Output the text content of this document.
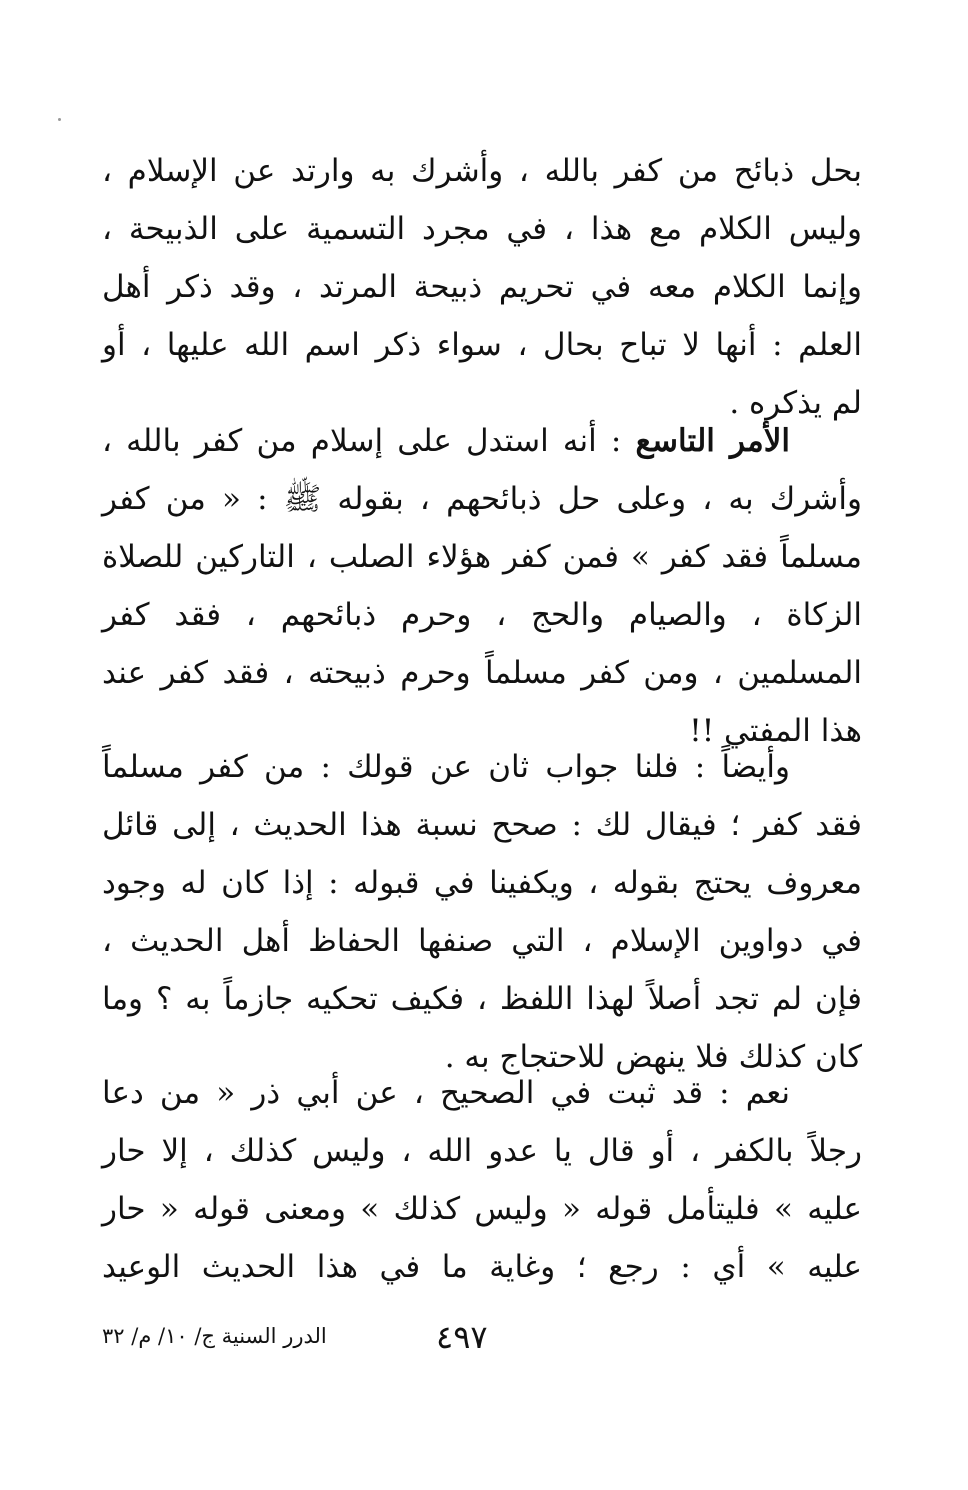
بحل ذبائح من كفر بالله ، وأشرك به وارتد عن الإسلام ،
وليس الكلام مع هذا ، في مجرد التسمية على الذبيحة ،
وإنما الكلام معه في تحريم ذبيحة المرتد ، وقد ذكر أهل
العلم : أنها لا تباح بحال ، سواء ذكر اسم الله عليها ، أو
لم يذكره .
الأمر التاسع : أنه استدل على إسلام من كفر بالله ،
وأشرك به ، وعلى حل ذبائحهم ، بقوله ﷺ : « من كفر
مسلماً فقد كفر » فمن كفر هؤلاء الصلب ، التاركين للصلاة
الزكاة ، والصيام والحج ، وحرم ذبائحهم ، فقد كفر
المسلمين ، ومن كفر مسلماً وحرم ذبيحته ، فقد كفر عند
هذا المفتي !!
وأيضاً : فلنا جواب ثان عن قولك : من كفر مسلماً
فقد كفر ؛ فيقال لك : صحح نسبة هذا الحديث ، إلى قائل
معروف يحتج بقوله ، ويكفينا في قبوله : إذا كان له وجود
في دواوين الإسلام ، التي صنفها الحفاظ أهل الحديث ،
فإن لم تجد أصلاً لهذا اللفظ ، فكيف تحكيه جازماً به ؟ وما
كان كذلك فلا ينهض للاحتجاج به .
نعم : قد ثبت في الصحيح ، عن أبي ذر « من دعا
رجلاً بالكفر ، أو قال يا عدو الله ، وليس كذلك ، إلا حار
عليه » فليتأمل قوله « وليس كذلك » ومعنى قوله « حار
عليه » أي : رجع ؛ وغاية ما في هذا الحديث الوعيد
٤٩٧
الدرر السنية ج/ ١٠/ م/ ٣٢
